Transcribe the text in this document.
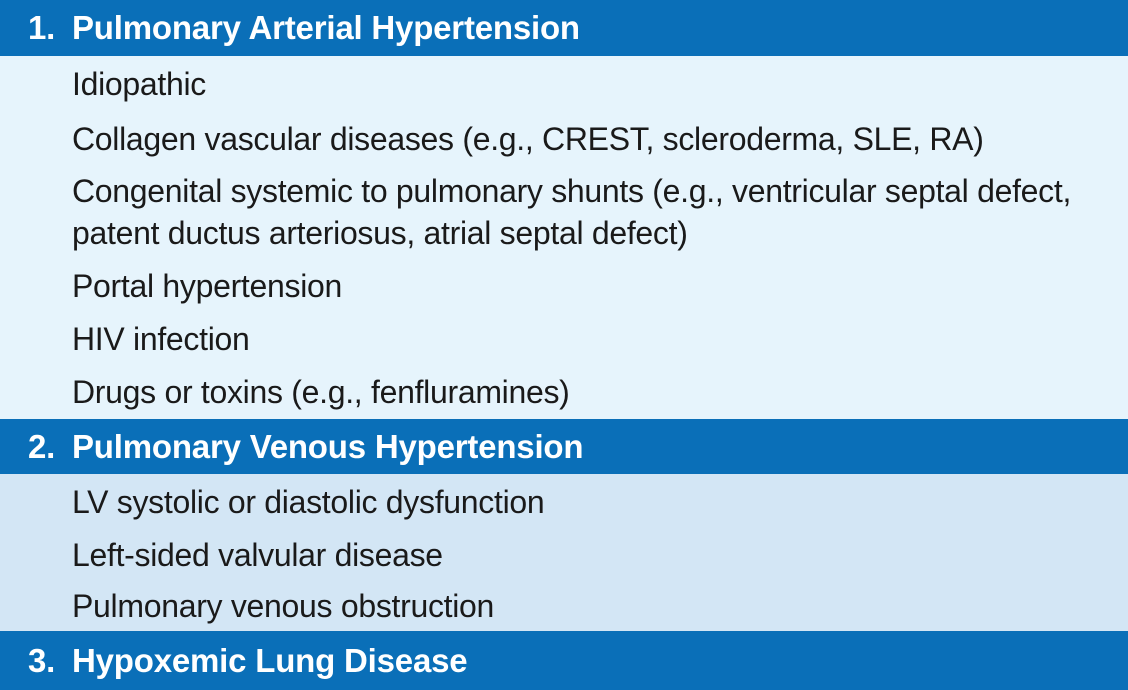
1. Pulmonary Arterial Hypertension
Idiopathic
Collagen vascular diseases (e.g., CREST, scleroderma, SLE, RA)
Congenital systemic to pulmonary shunts (e.g., ventricular septal defect, patent ductus arteriosus, atrial septal defect)
Portal hypertension
HIV infection
Drugs or toxins (e.g., fenfluramines)
2. Pulmonary Venous Hypertension
LV systolic or diastolic dysfunction
Left-sided valvular disease
Pulmonary venous obstruction
3. Hypoxemic Lung Disease
